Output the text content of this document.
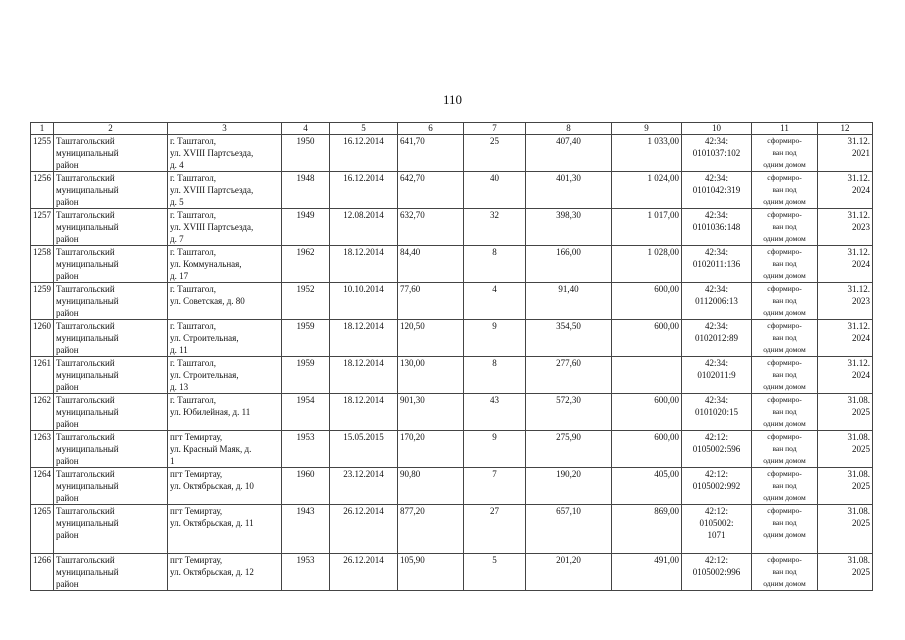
110
1	2	3	4	5	6	7	8	9	10	11	12
1255	Таштагольский
муниципальный
район	г. Таштагол,
ул. XVIII Партсъезда,
д. 4	1950	16.12.2014	641,70	25	407,40	1 033,00	42:34:
0101037:102	сформиро-
ван под
одним домом	31.12.
2021
1256	Таштагольский
муниципальный
район	г. Таштагол,
ул. XVIII Партсъезда,
д. 5	1948	16.12.2014	642,70	40	401,30	1 024,00	42:34:
0101042:319	сформиро-
ван под
одним домом	31.12.
2024
1257	Таштагольский
муниципальный
район	г. Таштагол,
ул. XVIII Партсъезда,
д. 7	1949	12.08.2014	632,70	32	398,30	1 017,00	42:34:
0101036:148	сформиро-
ван под
одним домом	31.12.
2023
1258	Таштагольский
муниципальный
район	г. Таштагол,
ул. Коммунальная,
д. 17	1962	18.12.2014	84,40	8	166,00	1 028,00	42:34:
0102011:136	сформиро-
ван под
одним домом	31.12.
2024
1259	Таштагольский
муниципальный
район	г. Таштагол,
ул. Советская, д. 80	1952	10.10.2014	77,60	4	91,40	600,00	42:34:
0112006:13	сформиро-
ван под
одним домом	31.12.
2023
1260	Таштагольский
муниципальный
район	г. Таштагол,
ул. Строительная,
д. 11	1959	18.12.2014	120,50	9	354,50	600,00	42:34:
0102012:89	сформиро-
ван под
одним домом	31.12.
2024
1261	Таштагольский
муниципальный
район	г. Таштагол,
ул. Строительная,
д. 13	1959	18.12.2014	130,00	8	277,60		42:34:
0102011:9	сформиро-
ван под
одним домом	31.12.
2024
1262	Таштагольский
муниципальный
район	г. Таштагол,
ул. Юбилейная, д. 11	1954	18.12.2014	901,30	43	572,30	600,00	42:34:
0101020:15	сформиро-
ван под
одним домом	31.08.
2025
1263	Таштагольский
муниципальный
район	пгт Темиртау,
ул. Красный Маяк, д.
1	1953	15.05.2015	170,20	9	275,90	600,00	42:12:
0105002:596	сформиро-
ван под
одним домом	31.08.
2025
1264	Таштагольский
муниципальный
район	пгт Темиртау,
ул. Октябрьская, д. 10	1960	23.12.2014	90,80	7	190,20	405,00	42:12:
0105002:992	сформиро-
ван под
одним домом	31.08.
2025
1265	Таштагольский
муниципальный
район	пгт Темиртау,
ул. Октябрьская, д. 11	1943	26.12.2014	877,20	27	657,10	869,00	42:12:
0105002:
1071	сформиро-
ван под
одним домом	31.08.
2025
1266	Таштагольский
муниципальный
район	пгт Темиртау,
ул. Октябрьская, д. 12	1953	26.12.2014	105,90	5	201,20	491,00	42:12:
0105002:996	сформиро-
ван под
одним домом	31.08.
2025
